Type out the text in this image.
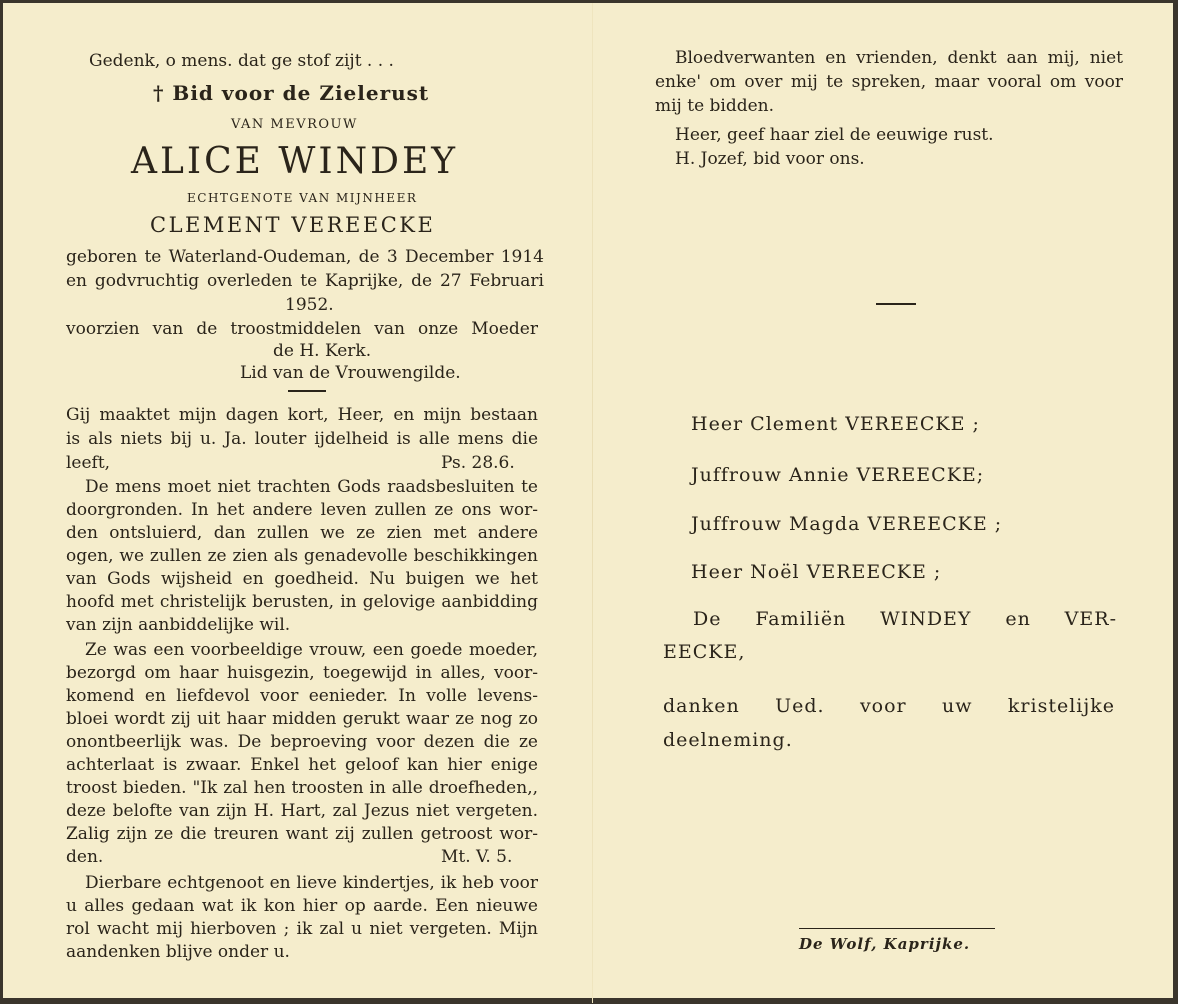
Gedenk, o mens. dat ge stof zijt . . .
† Bid voor de Zielerust
VAN MEVROUW
ALICE WINDEY
ECHTGENOTE VAN MIJNHEER
CLEMENT VEREECKE
geboren te Waterland-Oudeman, de 3 December 1914
en godvruchtig overleden te Kaprijke, de 27 Februari
1952.
voorzien van de troostmiddelen van onze Moeder
de H. Kerk.
Lid van de Vrouwengilde.
Gij maaktet mijn dagen kort, Heer, en mijn bestaan
is als niets bij u. Ja. louter ijdelheid is alle mens die
leeft,	Ps. 28.6.
De mens moet niet trachten Gods raadsbesluiten te
doorgronden. In het andere leven zullen ze ons wor-
den ontsluierd, dan zullen we ze zien met andere
ogen, we zullen ze zien als genadevolle beschikkingen
van Gods wijsheid en goedheid. Nu buigen we het
hoofd met christelijk berusten, in gelovige aanbidding
van zijn aanbiddelijke wil.
Ze was een voorbeeldige vrouw, een goede moeder,
bezorgd om haar huisgezin, toegewijd in alles, voor-
komend en liefdevol voor eenieder. In volle levens-
bloei wordt zij uit haar midden gerukt waar ze nog zo
onontbeerlijk was. De beproeving voor dezen die ze
achterlaat is zwaar. Enkel het geloof kan hier enige
troost bieden. "Ik zal hen troosten in alle droefheden,,
deze belofte van zijn H. Hart, zal Jezus niet vergeten.
Zalig zijn ze die treuren want zij zullen getroost wor-
den.	Mt. V. 5.
Dierbare echtgenoot en lieve kindertjes, ik heb voor
u alles gedaan wat ik kon hier op aarde. Een nieuwe
rol wacht mij hierboven ; ik zal u niet vergeten. Mijn
aandenken blijve onder u.
Bloedverwanten en vrienden, denkt aan mij, niet
enke' om over mij te spreken, maar vooral om voor
mij te bidden.
Heer, geef haar ziel de eeuwige rust.
H. Jozef, bid voor ons.
Heer Clement VEREECKE ;
Juffrouw Annie VEREECKE;
Juffrouw Magda VEREECKE ;
Heer Noël VEREECKE ;
De Familiën WINDEY en VER-
EECKE,
danken Ued. voor uw kristelijke
deelneming.
De Wolf, Kaprijke.
